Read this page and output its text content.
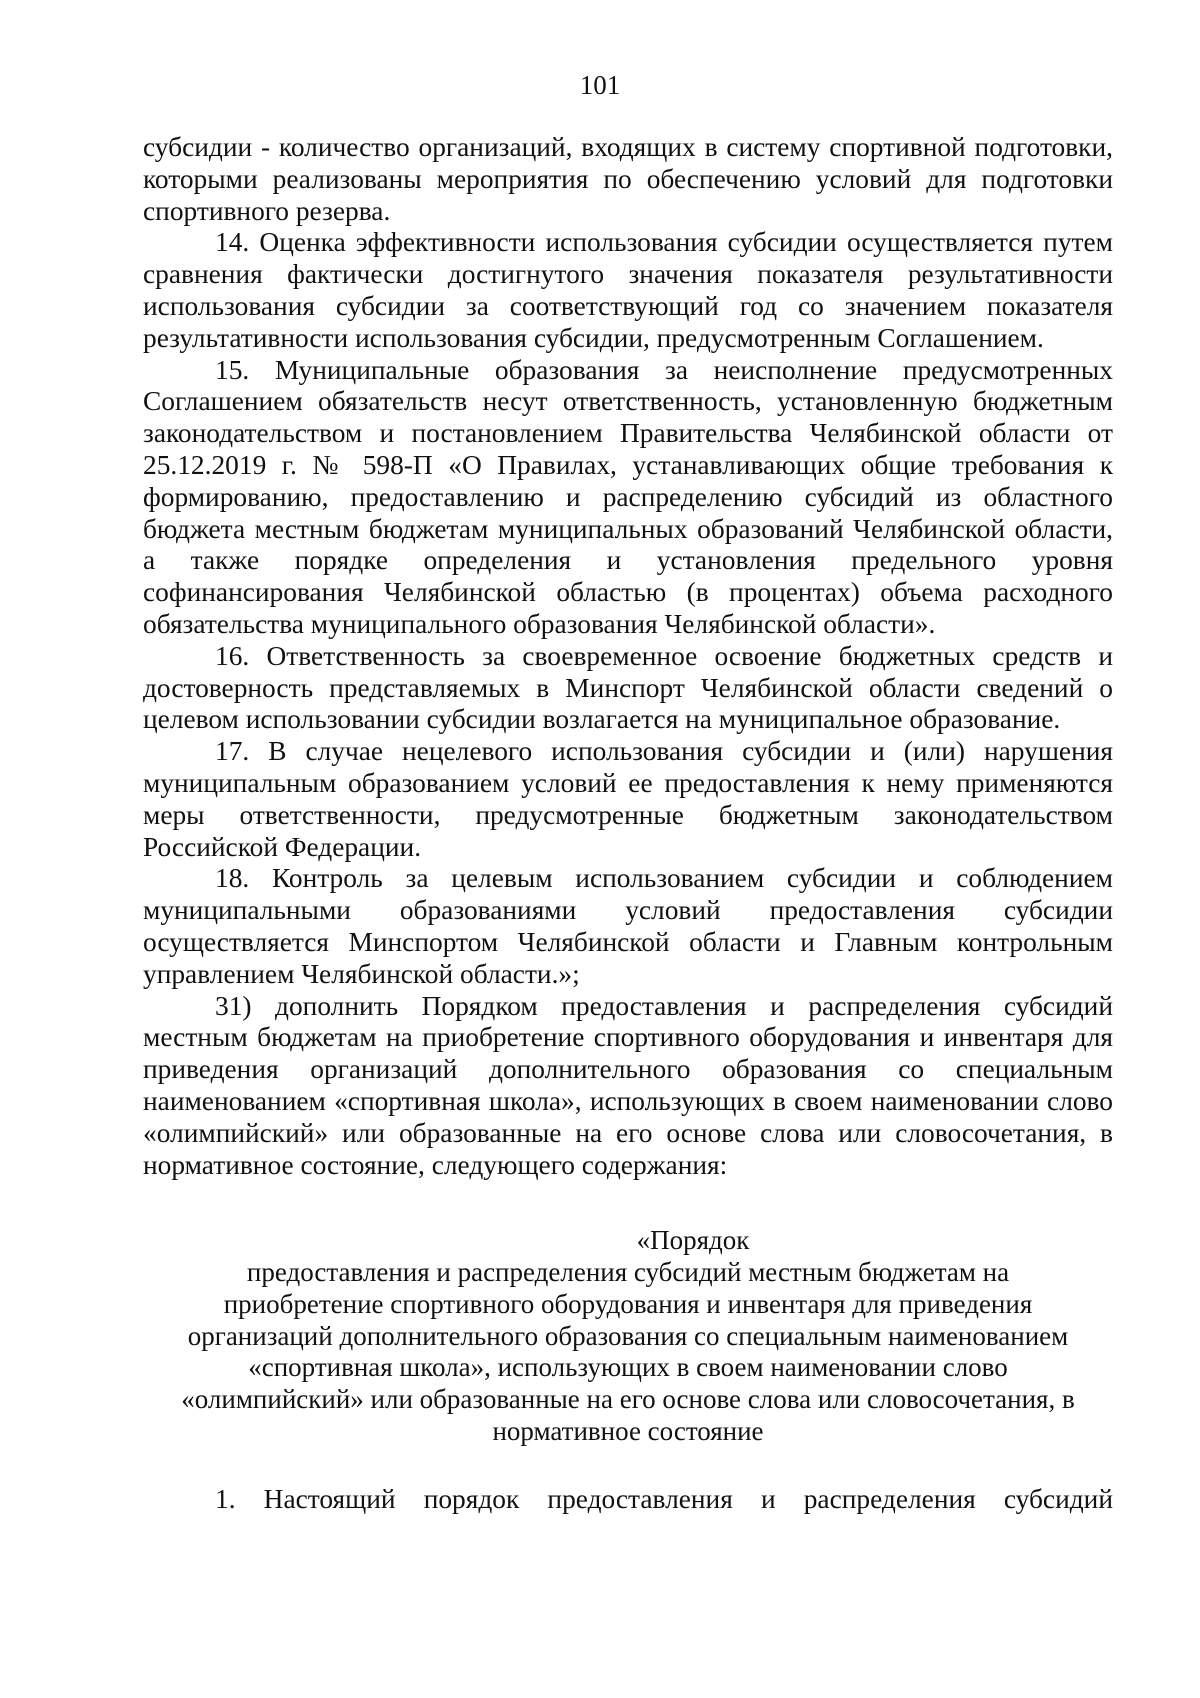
101

субсидии - количество организаций, входящих в систему спортивной подготовки, которыми реализованы мероприятия по обеспечению условий для подготовки спортивного резерва.

14. Оценка эффективности использования субсидии осуществляется путем сравнения фактически достигнутого значения показателя результативности использования субсидии за соответствующий год со значением показателя результативности использования субсидии, предусмотренным Соглашением.

15. Муниципальные образования за неисполнение предусмотренных Соглашением обязательств несут ответственность, установленную бюджетным законодательством и постановлением Правительства Челябинской области от 25.12.2019 г. № 598-П «О Правилах, устанавливающих общие требования к формированию, предоставлению и распределению субсидий из областного бюджета местным бюджетам муниципальных образований Челябинской области, а также порядке определения и установления предельного уровня софинансирования Челябинской областью (в процентах) объема расходного обязательства муниципального образования Челябинской области».

16. Ответственность за своевременное освоение бюджетных средств и достоверность представляемых в Минспорт Челябинской области сведений о целевом использовании субсидии возлагается на муниципальное образование.

17. В случае нецелевого использования субсидии и (или) нарушения муниципальным образованием условий ее предоставления к нему применяются меры ответственности, предусмотренные бюджетным законодательством Российской Федерации.

18. Контроль за целевым использованием субсидии и соблюдением муниципальными образованиями условий предоставления субсидии осуществляется Минспортом Челябинской области и Главным контрольным управлением Челябинской области.»;

31) дополнить Порядком предоставления и распределения субсидий местным бюджетам на приобретение спортивного оборудования и инвентаря для приведения организаций дополнительного образования со специальным наименованием «спортивная школа», использующих в своем наименовании слово «олимпийский» или образованные на его основе слова или словосочетания, в нормативное состояние, следующего содержания:

«Порядок

предоставления и распределения субсидий местным бюджетам на

приобретение спортивного оборудования и инвентаря для приведения

организаций дополнительного образования со специальным наименованием

«спортивная школа», использующих в своем наименовании слово

«олимпийский» или образованные на его основе слова или словосочетания, в

нормативное состояние

1. Настоящий порядок предоставления и распределения субсидий
